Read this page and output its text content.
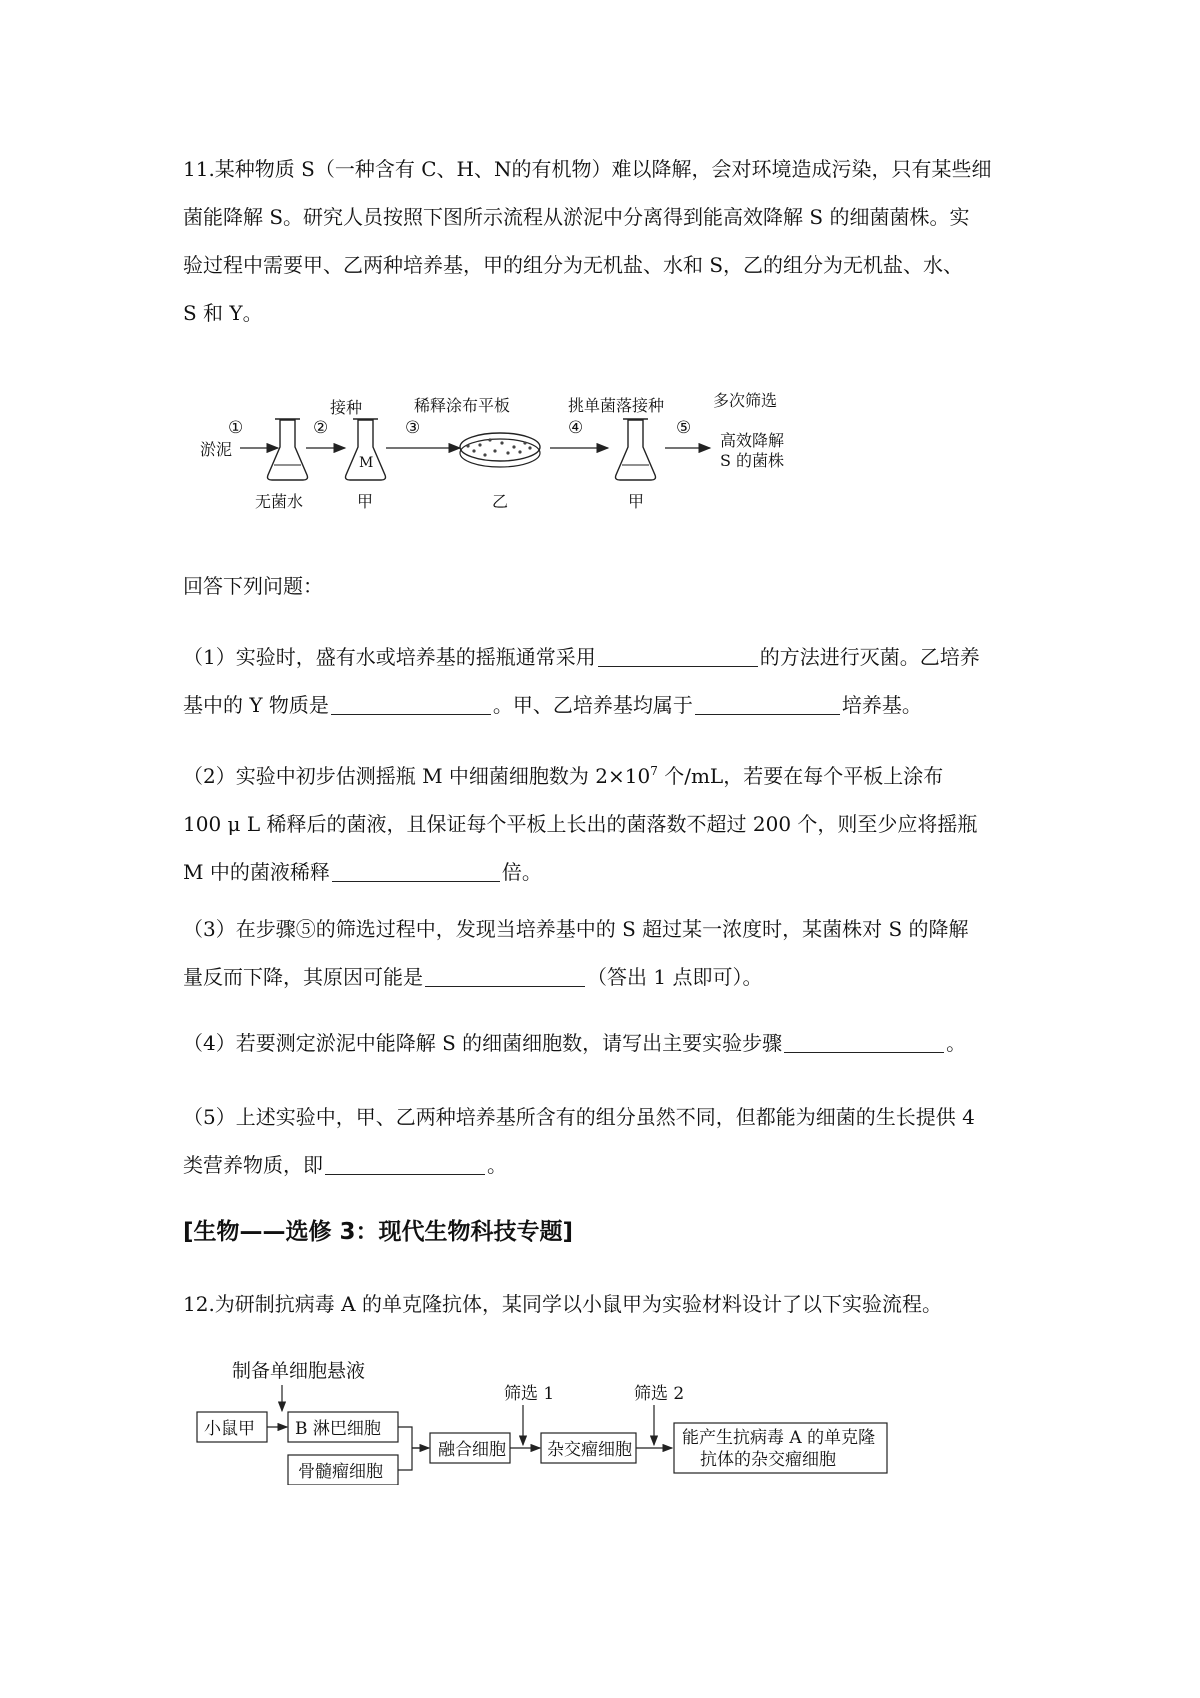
11.某种物质 S（一种含有 C、H、N的有机物）难以降解，会对环境造成污染，只有某些细
菌能降解 S。研究人员按照下图所示流程从淤泥中分离得到能高效降解 S 的细菌菌株。实
验过程中需要甲、乙两种培养基，甲的组分为无机盐、水和 S，乙的组分为无机盐、水、
S 和 Y。
淤泥
①
无菌水
②
M
甲
③
乙
④
甲
⑤
高效降解
S 的菌株
接种	稀释涂布平板	挑单菌落接种	多次筛选
回答下列问题：
（1）实验时，盛有水或培养基的摇瓶通常采用	的方法进行灭菌。乙培养
基中的 Y 物质是	。甲、乙培养基均属于	培养基。
（2）实验中初步估测摇瓶 M 中细菌细胞数为 $2\times 10^7$ 个/mL，若要在每个平板上涂布
100 μ L 稀释后的菌液，且保证每个平板上长出的菌落数不超过 200 个，则至少应将摇瓶
M 中的菌液稀释	倍。
（3）在步骤⑤的筛选过程中，发现当培养基中的 S 超过某一浓度时，某菌株对 S 的降解
量反而下降，其原因可能是	（答出 1 点即可）。
（4）若要测定淤泥中能降解 S 的细菌细胞数，请写出主要实验步骤	。
（5）上述实验中，甲、乙两种培养基所含有的组分虽然不同，但都能为细菌的生长提供 4
类营养物质，即	。
[生物——选修 3：现代生物科技专题]
12.为研制抗病毒 A 的单克隆抗体，某同学以小鼠甲为实验材料设计了以下实验流程。
制备单细胞悬液
小鼠甲 B 淋巴细胞
骨髓瘤细胞
融合细胞
筛选 1
杂交瘤细胞
筛选 2
能产生抗病毒 A 的单克隆
抗体的杂交瘤细胞
